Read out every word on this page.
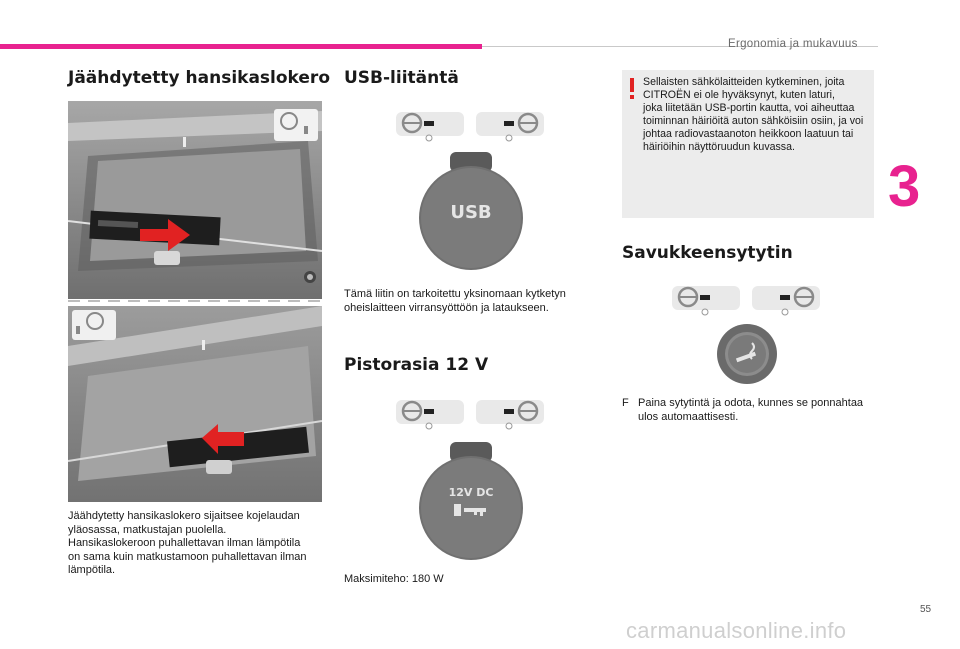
Ergonomia ja mukavuus
3
55
carmanualsonline.info
Jäähdytetty hansikaslokero
Jäähdytetty hansikaslokero sijaitsee kojelaudan
yläosassa, matkustajan puolella.
Hansikaslokeroon puhallettavan ilman lämpötila
on sama kuin matkustamoon puhallettavan ilman
lämpötila.
USB-liitäntä
USB
Tämä liitin on tarkoitettu yksinomaan kytketyn
oheislaitteen virransyöttöön ja lataukseen.
Pistorasia 12 V
12V DC
Maksimiteho: 180 W
Sellaisten sähkölaitteiden kytkeminen, joita
CITROËN ei ole hyväksynyt, kuten laturi,
joka liitetään USB-portin kautta, voi aiheuttaa
toiminnan häiriöitä auton sähköisiin osiin, ja voi
johtaa radiovastaanoton heikkoon laatuun tai
häiriöihin näyttöruudun kuvassa.
Savukkeensytytin
F Paina sytytintä ja odota, kunnes se ponnahtaa
ulos automaattisesti.
